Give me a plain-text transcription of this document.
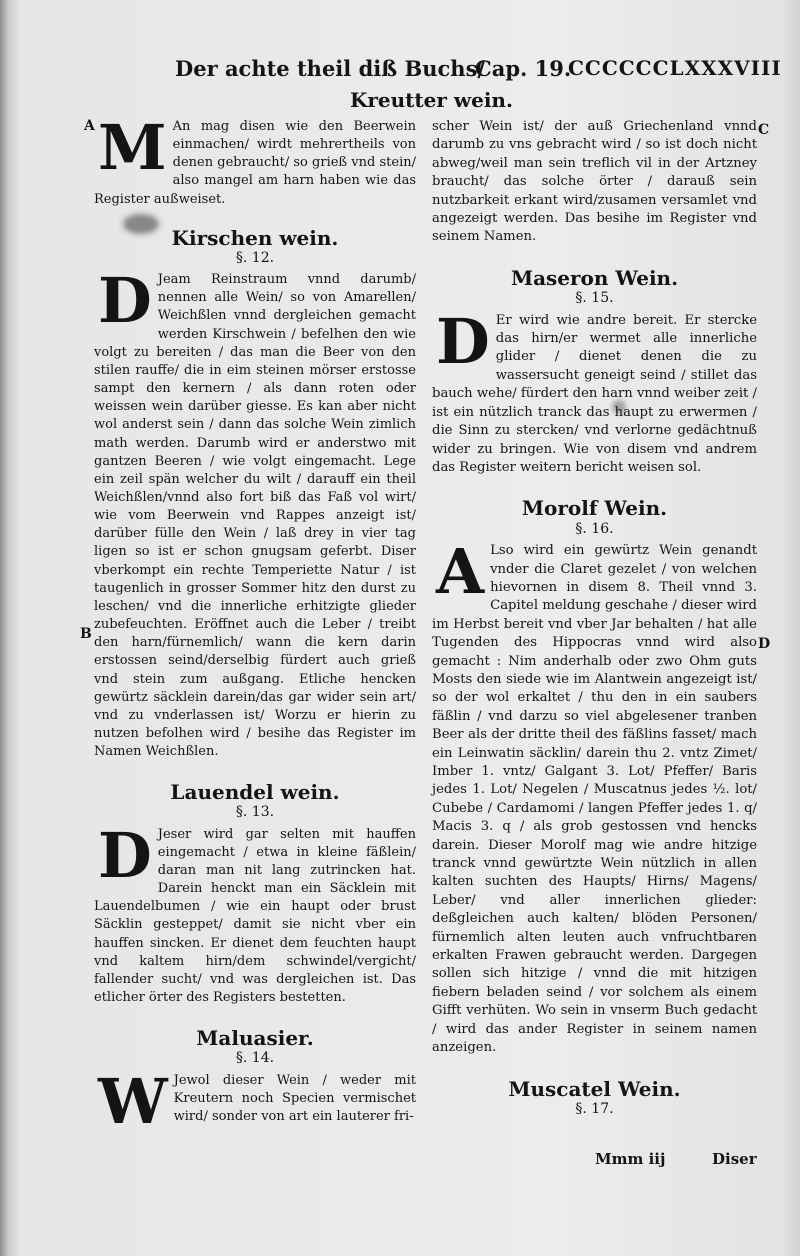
Der achte theil diß Buchs/
Cap. 19.
CCCCCCLXXXVIII
Kreutter wein.
A
B
C
D
M An mag disen wie den Beerwein einmachen/ wirdt mehrertheils von denen gebraucht/ so grieß vnd stein/ also mangel am harn haben wie das Register außweiset.
Kirschen wein.
§. 12.
D Jeam Reinstraum vnnd darumb/ nennen alle Wein/ so von Amarellen/ Weichßlen vnnd dergleichen gemacht werden Kirschwein / befelhen den wie volgt zu bereiten / das man die Beer von den stilen rauffe/ die in eim steinen mörser erstosse sampt den kernern / als dann roten oder weissen wein darüber giesse. Es kan aber nicht wol anderst sein / dann das solche Wein zimlich math werden. Darumb wird er anderstwo mit gantzen Beeren / wie volgt eingemacht. Lege ein zeil spän welcher du wilt / darauff ein theil Weichßlen/vnnd also fort biß das Faß vol wirt/ wie vom Beerwein vnd Rappes anzeigt ist/ darüber fülle den Wein / laß drey in vier tag ligen so ist er schon gnugsam geferbt. Diser vberkompt ein rechte Temperiette Natur / ist taugenlich in grosser Sommer hitz den durst zu leschen/ vnd die innerliche erhitzigte glieder zubefeuchten. Eröffnet auch die Leber / treibt den harn/fürnemlich/ wann die kern darin erstossen seind/derselbig fürdert auch grieß vnd stein zum außgang. Etliche hencken gewürtz säcklein darein/das gar wider sein art/ vnd zu vnderlassen ist/ Worzu er hierin zu nutzen befolhen wird / besihe das Register im Namen Weichßlen.
Lauendel wein.
§. 13.
D Jeser wird gar selten mit hauffen eingemacht / etwa in kleine fäßlein/ daran man nit lang zutrincken hat. Darein henckt man ein Säcklein mit Lauendelbumen / wie ein haupt oder brust Säcklin gesteppet/ damit sie nicht vber ein hauffen sincken. Er dienet dem feuchten haupt vnd kaltem hirn/dem schwindel/vergicht/ fallender sucht/ vnd was dergleichen ist. Das etlicher örter des Registers bestetten.
Maluasier.
§. 14.
W Jewol dieser Wein / weder mit Kreutern noch Specien vermischet wird/ sonder von art ein lauterer fri-
scher Wein ist/ der auß Griechenland vnnd darumb zu vns gebracht wird / so ist doch nicht abweg/weil man sein treflich vil in der Artzney braucht/ das solche örter / darauß sein nutzbarkeit erkant wird/zusamen versamlet vnd angezeigt werden. Das besihe im Register vnd seinem Namen.
Maseron Wein.
§. 15.
D Er wird wie andre bereit. Er stercke das hirn/er wermet alle innerliche glider / dienet denen die zu wassersucht geneigt seind / stillet das bauch wehe/ fürdert den harn vnnd weiber zeit / ist ein nützlich tranck das haupt zu erwermen / die Sinn zu stercken/ vnd verlorne gedächtnuß wider zu bringen. Wie von disem vnd andrem das Register weitern bericht weisen sol.
Morolf Wein.
§. 16.
A Lso wird ein gewürtz Wein genandt vnder die Claret gezelet / von welchen hievornen in disem 8. Theil vnnd 3. Capitel meldung geschahe / dieser wird im Herbst bereit vnd vber Jar behalten / hat alle Tugenden des Hippocras vnnd wird also gemacht : Nim anderhalb oder zwo Ohm guts Mosts den siede wie im Alantwein angezeigt ist/ so der wol erkaltet / thu den in ein saubers fäßlin / vnd darzu so viel abgelesener tranben Beer als der dritte theil des fäßlins fasset/ mach ein Leinwatin säcklin/ darein thu 2. vntz Zimet/ Imber 1. vntz/ Galgant 3. Lot/ Pfeffer/ Baris jedes 1. Lot/ Negelen / Muscatnus jedes ½. lot/ Cubebe / Cardamomi / langen Pfeffer jedes 1. q/ Macis 3. q / als grob gestossen vnd hencks darein. Dieser Morolf mag wie andre hitzige tranck vnnd gewürtzte Wein nützlich in allen kalten suchten des Haupts/ Hirns/ Magens/ Leber/ vnd aller innerlichen glieder: deßgleichen auch kalten/ blöden Personen/ fürnemlich alten leuten auch vnfruchtbaren erkalten Frawen gebraucht werden. Dargegen sollen sich hitzige / vnnd die mit hitzigen fiebern beladen seind / vor solchem als einem Gifft verhüten. Wo sein in vnserm Buch gedacht / wird das ander Register in seinem namen anzeigen.
Muscatel Wein.
§. 17.
Mmm iij	Diser
